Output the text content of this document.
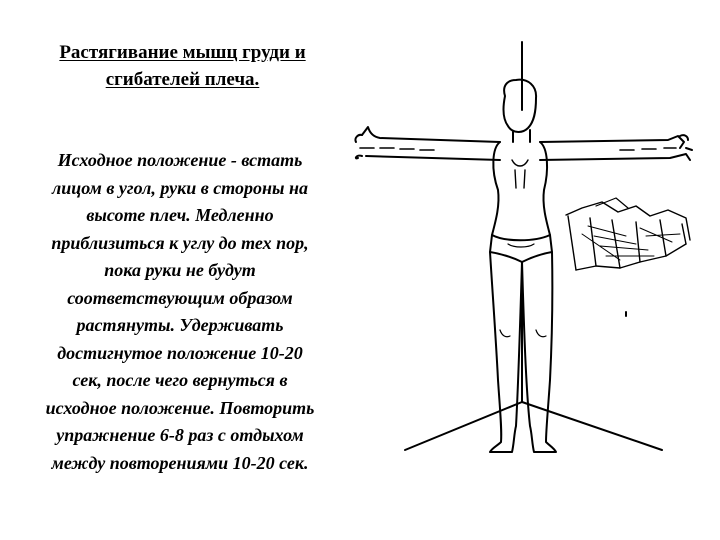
Растягивание мышц груди и
сгибателей плеча.

Исходное положение - встать
лицом в угол, руки в стороны на
высоте плеч. Медленно
приблизиться к углу до тех пор,
пока руки не будут
соответствующим образом
растянуты. Удерживать
достигнутое положение 10-20
сек, после чего вернуться в
исходное положение. Повторить
упражнение 6-8 раз с отдыхом
между повторениями 10-20 сек.
